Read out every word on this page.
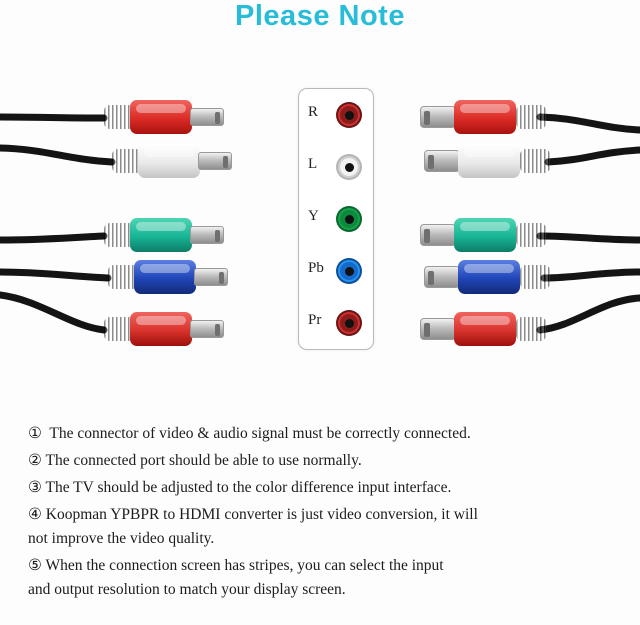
Please Note
R
L
Y
Pb
Pr
①  The connector of video & audio signal must be correctly connected.
② The connected port should be able to use normally.
③ The TV should be adjusted to the color difference input interface.
④ Koopman YPBPR to HDMI converter is just video conversion, it will
not improve the video quality.
⑤ When the connection screen has stripes, you can select the input
and output resolution to match your display screen.
